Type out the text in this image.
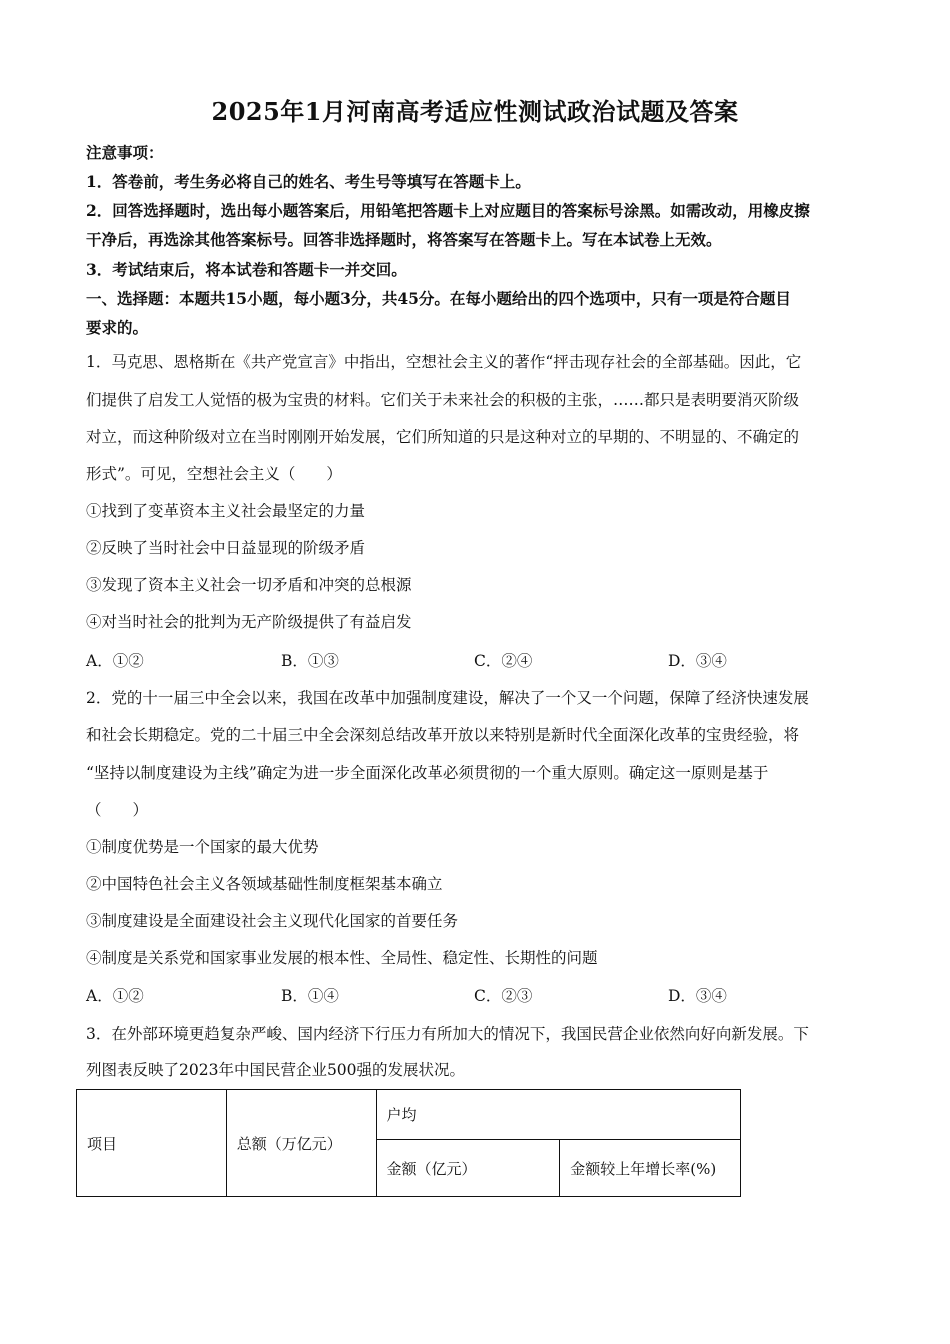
2025年1月河南高考适应性测试政治试题及答案
注意事项：
1．答卷前，考生务必将自己的姓名、考生号等填写在答题卡上。
2．回答选择题时，选出每小题答案后，用铅笔把答题卡上对应题目的答案标号涂黑。如需改动，用橡皮擦
干净后，再选涂其他答案标号。回答非选择题时，将答案写在答题卡上。写在本试卷上无效。
3．考试结束后，将本试卷和答题卡一并交回。
一、选择题：本题共15小题，每小题3分，共45分。在每小题给出的四个选项中，只有一项是符合题目
要求的。
1．马克思、恩格斯在《共产党宣言》中指出，空想社会主义的著作“抨击现存社会的全部基础。因此，它
们提供了启发工人觉悟的极为宝贵的材料。它们关于未来社会的积极的主张，……都只是表明要消灭阶级
对立，而这种阶级对立在当时刚刚开始发展，它们所知道的只是这种对立的早期的、不明显的、不确定的
形式”。可见，空想社会主义（　　）
①找到了变革资本主义社会最坚定的力量
②反映了当时社会中日益显现的阶级矛盾
③发现了资本主义社会一切矛盾和冲突的总根源
④对当时社会的批判为无产阶级提供了有益启发
A．①②	B．①③	C．②④	D．③④
2．党的十一届三中全会以来，我国在改革中加强制度建设，解决了一个又一个问题，保障了经济快速发展
和社会长期稳定。党的二十届三中全会深刻总结改革开放以来特别是新时代全面深化改革的宝贵经验，将
“坚持以制度建设为主线”确定为进一步全面深化改革必须贯彻的一个重大原则。确定这一原则是基于
（　　）
①制度优势是一个国家的最大优势
②中国特色社会主义各领域基础性制度框架基本确立
③制度建设是全面建设社会主义现代化国家的首要任务
④制度是关系党和国家事业发展的根本性、全局性、稳定性、长期性的问题
A．①②	B．①④	C．②③	D．③④
3．在外部环境更趋复杂严峻、国内经济下行压力有所加大的情况下，我国民营企业依然向好向新发展。下
列图表反映了2023年中国民营企业500强的发展状况。
项目	总额（万亿元）	户均	
		金额（亿元）	金额较上年增长率(%)
